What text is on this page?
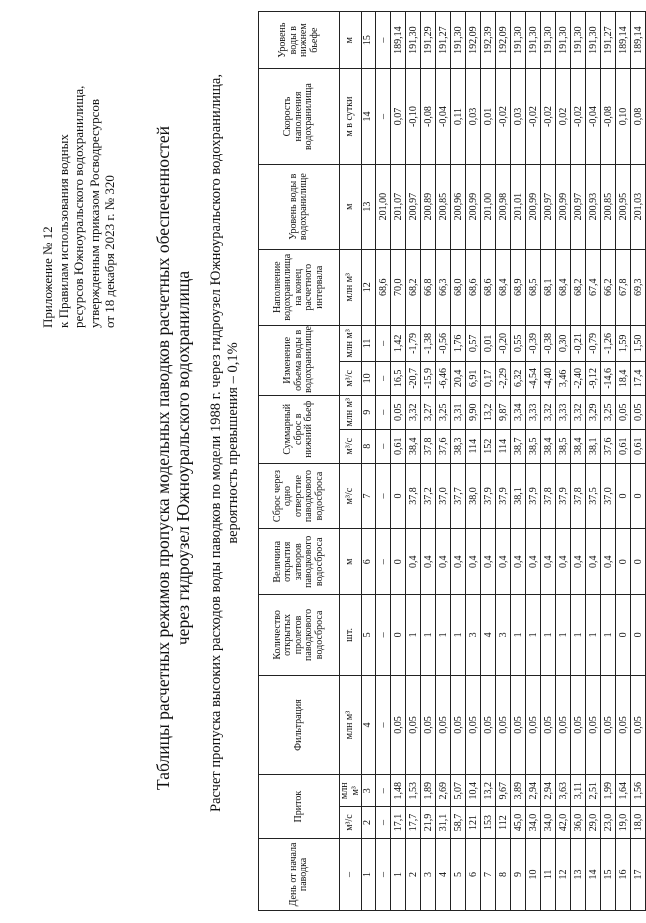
Приложение № 12 к Правилам использования водных ресурсов Южноуральского водохранилища, утвержденным приказом Росводресурсов от 18 декабря 2023 г. № 320 Таблицы расчетных режимов пропуска модельных паводков расчетных обеспеченностей через гидроузел Южноуральского водохранилища Расчет пропуска высоких расходов воды паводков по модели 1988 г. через гидроузел Южноуральского водохранилища, вероятность превышения – 0,1%
День от начала паводка	Приток		Фильтрация	Количество открытых пролетов паводкового водосброса	Величина открытия затворов паводкового водосброса	Сброс через одно отверстие паводкового водосброса	Суммарный сброс в нижний бьеф		Изменение объема воды в водохранилище		Наполнение водохранилища на конец расчетного интервала	Уровень воды в водохранилище	Скорость наполнения водохранилища	Уровень воды в нижнем бьефе
–	м³/с	млн м³	млн м³	шт.	м	м³/с	м³/с	млн м³	м³/с	млн м³	млн м³	м	м в сутки	м
1	2	3	4	5	6	7	8	9	10	11	12	13	14	15
–	–	–	–	–	–	–	–	–	–	–	68,6	201,00	–	–
1	17,1	1,48	0,05	0	0	0	0,61	0,05	16,5	1,42	70,0	201,07	0,07	189,14
2	17,7	1,53	0,05	1	0,4	37,8	38,4	3,32	-20,7	-1,79	68,2	200,97	-0,10	191,30
3	21,9	1,89	0,05	1	0,4	37,2	37,8	3,27	-15,9	-1,38	66,8	200,89	-0,08	191,29
4	31,1	2,69	0,05	1	0,4	37,0	37,6	3,25	-6,46	-0,56	66,3	200,85	-0,04	191,27
5	58,7	5,07	0,05	1	0,4	37,7	38,3	3,31	20,4	1,76	68,0	200,96	0,11	191,30
6	121	10,4	0,05	3	0,4	38,0	114	9,90	6,91	0,57	68,6	200,99	0,03	192,09
7	153	13,2	0,05	4	0,4	37,9	152	13,2	0,17	0,01	68,6	201,00	0,01	192,39
8	112	9,67	0,05	3	0,4	37,9	114	9,87	-2,29	-0,20	68,4	200,98	-0,02	192,09
9	45,0	3,89	0,05	1	0,4	38,1	38,7	3,34	6,32	0,55	68,9	201,01	0,03	191,30
10	34,0	2,94	0,05	1	0,4	37,9	38,5	3,33	-4,54	-0,39	68,5	200,99	-0,02	191,30
11	34,0	2,94	0,05	1	0,4	37,8	38,4	3,32	-4,40	-0,38	68,1	200,97	-0,02	191,30
12	42,0	3,63	0,05	1	0,4	37,9	38,5	3,33	3,46	0,30	68,4	200,99	0,02	191,30
13	36,0	3,11	0,05	1	0,4	37,8	38,4	3,32	-2,40	-0,21	68,2	200,97	-0,02	191,30
14	29,0	2,51	0,05	1	0,4	37,5	38,1	3,29	-9,12	-0,79	67,4	200,93	-0,04	191,30
15	23,0	1,99	0,05	1	0,4	37,0	37,6	3,25	-14,6	-1,26	66,2	200,85	-0,08	191,27
16	19,0	1,64	0,05	0	0	0	0,61	0,05	18,4	1,59	67,8	200,95	0,10	189,14
17	18,0	1,56	0,05	0	0	0	0,61	0,05	17,4	1,50	69,3	201,03	0,08	189,14
